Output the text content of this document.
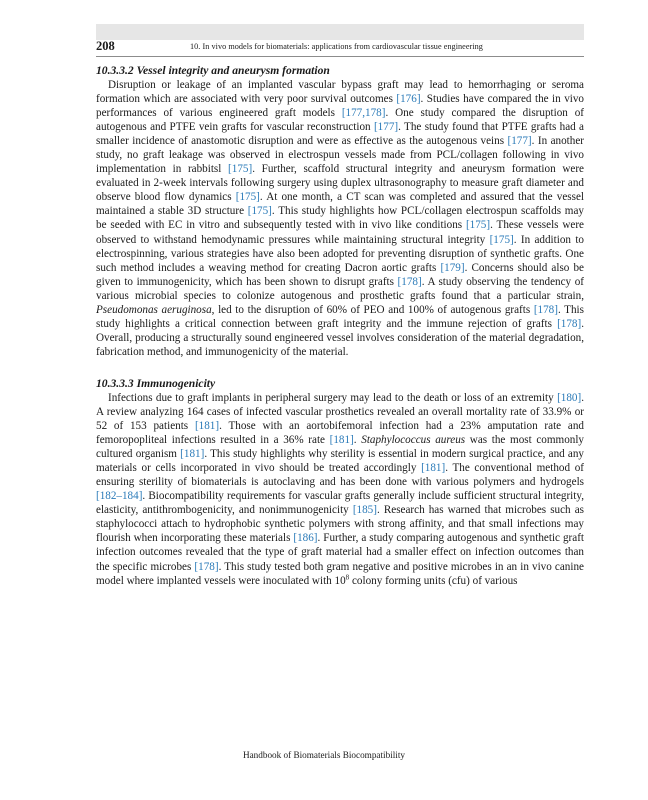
208	10. In vivo models for biomaterials: applications from cardiovascular tissue engineering
10.3.3.2 Vessel integrity and aneurysm formation

Disruption or leakage of an implanted vascular bypass graft may lead to hemorrhaging or seroma formation which are associated with very poor survival outcomes [176]. Studies have compared the in vivo performances of various engineered graft models [177,178]. One study compared the disruption of autogenous and PTFE vein grafts for vascular reconstruction [177]. The study found that PTFE grafts had a smaller incidence of anastomotic disruption and were as effective as the autogenous veins [177]. In another study, no graft leakage was observed in electrospun vessels made from PCL/collagen following in vivo implementation in rabbitsl [175]. Further, scaffold structural integrity and aneurysm formation were evaluated in 2-week intervals following surgery using duplex ultrasonography to measure graft diameter and observe blood flow dynamics [175]. At one month, a CT scan was completed and assured that the vessel maintained a stable 3D structure [175]. This study highlights how PCL/collagen electrospun scaffolds may be seeded with EC in vitro and subsequently tested with in vivo like conditions [175]. These vessels were observed to withstand hemodynamic pressures while maintaining structural integrity [175]. In addition to electrospinning, various strategies have also been adopted for preventing disruption of synthetic grafts. One such method includes a weaving method for creating Dacron aortic grafts [179]. Concerns should also be given to immunogenicity, which has been shown to disrupt grafts [178]. A study observing the tendency of various microbial species to colonize autogenous and prosthetic grafts found that a particular strain, Pseudomonas aeruginosa, led to the disruption of 60% of PEO and 100% of autogenous grafts [178]. This study highlights a critical connection between graft integrity and the immune rejection of grafts [178]. Overall, producing a structurally sound engineered vessel involves consideration of the material degradation, fabrication method, and immunogenicity of the material.

10.3.3.3 Immunogenicity

Infections due to graft implants in peripheral surgery may lead to the death or loss of an extremity [180]. A review analyzing 164 cases of infected vascular prosthetics revealed an overall mortality rate of 33.9% or 52 of 153 patients [181]. Those with an aortobifemoral infection had a 23% amputation rate and femoropopliteal infections resulted in a 36% rate [181]. Staphylococcus aureus was the most commonly cultured organism [181]. This study highlights why sterility is essential in modern surgical practice, and any materials or cells incorporated in vivo should be treated accordingly [181]. The conventional method of ensuring sterility of biomaterials is autoclaving and has been done with various polymers and hydrogels [182–184]. Biocompatibility requirements for vascular grafts generally include sufficient structural integrity, elasticity, antithrombogenicity, and nonimmunogenicity [185]. Research has warned that microbes such as staphylococci attach to hydrophobic synthetic polymers with strong affinity, and that small infections may flourish when incorporating these materials [186]. Further, a study comparing autogenous and synthetic graft infection outcomes revealed that the type of graft material had a smaller effect on infection outcomes than the specific microbes [178]. This study tested both gram negative and positive microbes in an in vivo canine model where implanted vessels were inoculated with $10^8$ colony forming units (cfu) of various

Handbook of Biomaterials Biocompatibility
